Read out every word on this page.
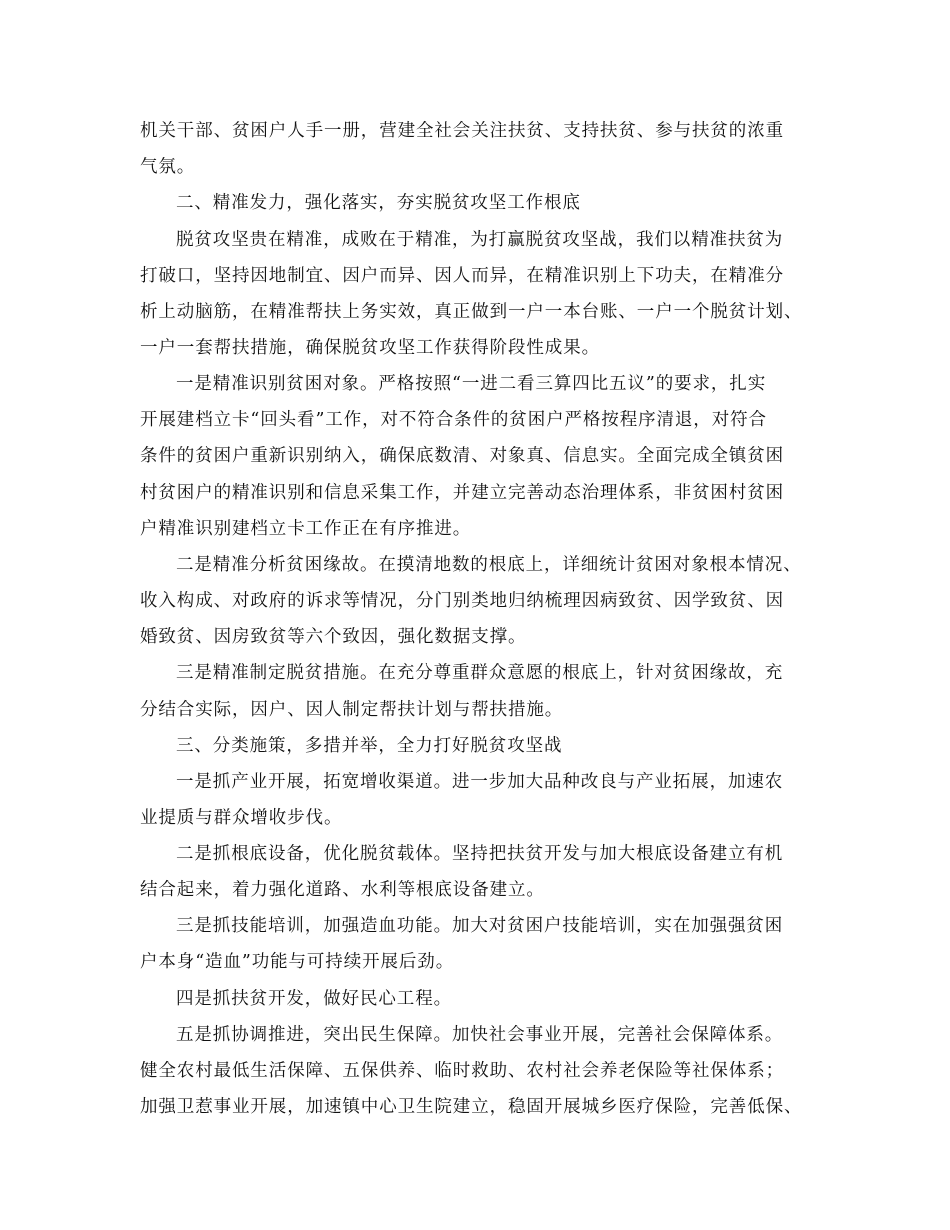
机关干部、贫困户人手一册，营建全社会关注扶贫、支持扶贫、参与扶贫的浓重
气氛。
二、精准发力，强化落实，夯实脱贫攻坚工作根底
脱贫攻坚贵在精准，成败在于精准，为打赢脱贫攻坚战，我们以精准扶贫为
打破口，坚持因地制宜、因户而异、因人而异，在精准识别上下功夫，在精准分
析上动脑筋，在精准帮扶上务实效，真正做到一户一本台账、一户一个脱贫计划、
一户一套帮扶措施，确保脱贫攻坚工作获得阶段性成果。
一是精准识别贫困对象。严格按照“一进二看三算四比五议”的要求，扎实
开展建档立卡“回头看”工作，对不符合条件的贫困户严格按程序清退，对符合
条件的贫困户重新识别纳入，确保底数清、对象真、信息实。全面完成全镇贫困
村贫困户的精准识别和信息采集工作，并建立完善动态治理体系，非贫困村贫困
户精准识别建档立卡工作正在有序推进。
二是精准分析贫困缘故。在摸清地数的根底上，详细统计贫困对象根本情况、
收入构成、对政府的诉求等情况，分门别类地归纳梳理因病致贫、因学致贫、因
婚致贫、因房致贫等六个致因，强化数据支撑。
三是精准制定脱贫措施。在充分尊重群众意愿的根底上，针对贫困缘故，充
分结合实际，因户、因人制定帮扶计划与帮扶措施。
三、分类施策，多措并举，全力打好脱贫攻坚战
一是抓产业开展，拓宽增收渠道。进一步加大品种改良与产业拓展，加速农
业提质与群众增收步伐。
二是抓根底设备，优化脱贫载体。坚持把扶贫开发与加大根底设备建立有机
结合起来，着力强化道路、水利等根底设备建立。
三是抓技能培训，加强造血功能。加大对贫困户技能培训，实在加强强贫困
户本身“造血”功能与可持续开展后劲。
四是抓扶贫开发，做好民心工程。
五是抓协调推进，突出民生保障。加快社会事业开展，完善社会保障体系。
健全农村最低生活保障、五保供养、临时救助、农村社会养老保险等社保体系；
加强卫惹事业开展，加速镇中心卫生院建立，稳固开展城乡医疗保险，完善低保、
